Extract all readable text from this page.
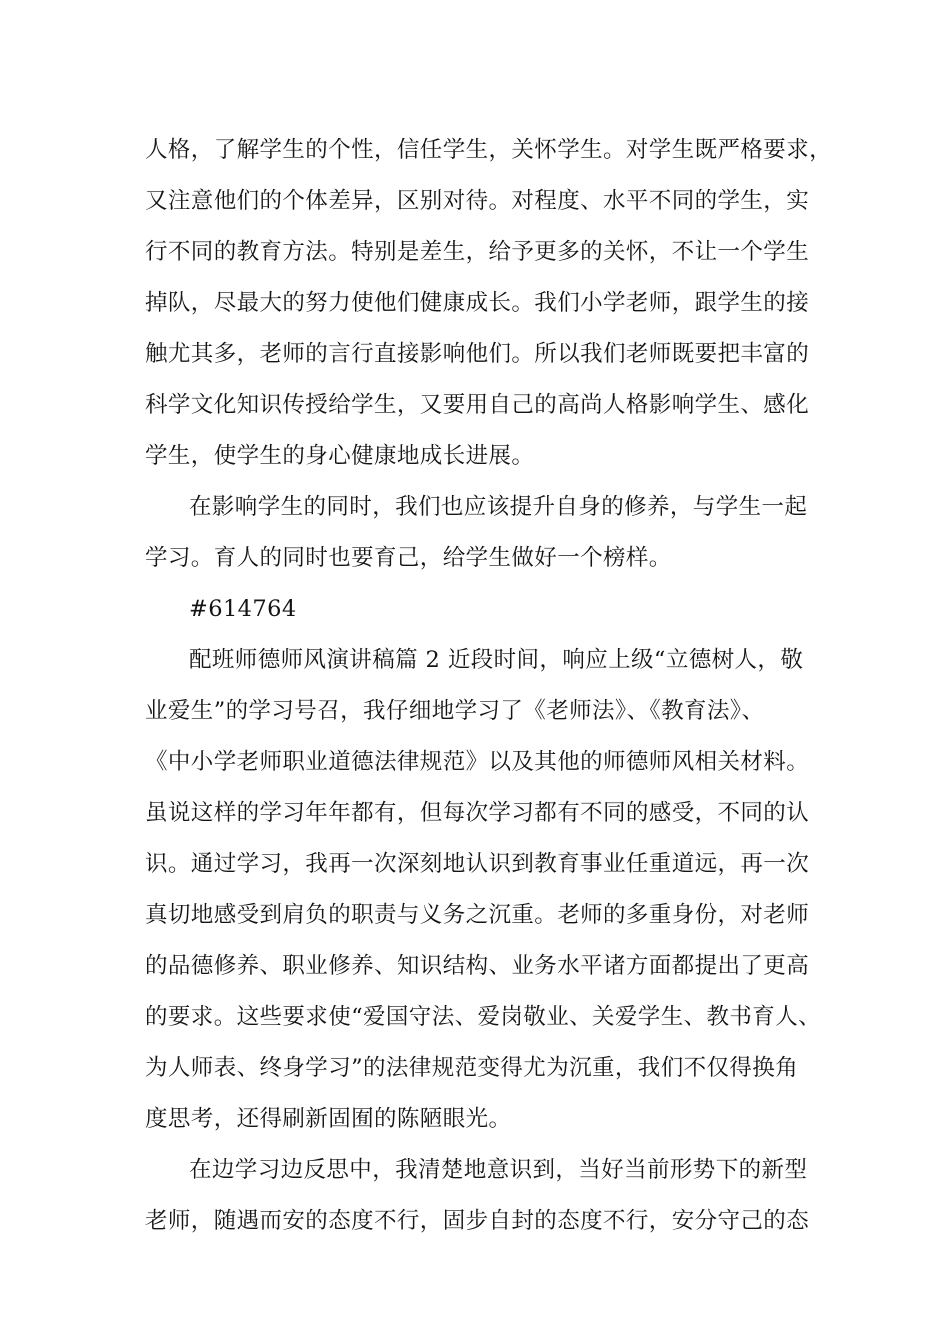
人格，了解学生的个性，信任学生，关怀学生。对学生既严格要求，
又注意他们的个体差异，区别对待。对程度、水平不同的学生，实
行不同的教育方法。特别是差生，给予更多的关怀，不让一个学生
掉队，尽最大的努力使他们健康成长。我们小学老师，跟学生的接
触尤其多，老师的言行直接影响他们。所以我们老师既要把丰富的
科学文化知识传授给学生，又要用自己的高尚人格影响学生、感化
学生，使学生的身心健康地成长进展。
在影响学生的同时，我们也应该提升自身的修养，与学生一起
学习。育人的同时也要育己，给学生做好一个榜样。
#614764
配班师德师风演讲稿篇 2 近段时间，响应上级“立德树人，敬
业爱生”的学习号召，我仔细地学习了《老师法》、《教育法》、
《中小学老师职业道德法律规范》以及其他的师德师风相关材料。
虽说这样的学习年年都有，但每次学习都有不同的感受，不同的认
识。通过学习，我再一次深刻地认识到教育事业任重道远，再一次
真切地感受到肩负的职责与义务之沉重。老师的多重身份，对老师
的品德修养、职业修养、知识结构、业务水平诸方面都提出了更高
的要求。这些要求使“爱国守法、爱岗敬业、关爱学生、教书育人、
为人师表、终身学习”的法律规范变得尤为沉重，我们不仅得换角
度思考，还得刷新固囿的陈陋眼光。
在边学习边反思中，我清楚地意识到，当好当前形势下的新型
老师，随遇而安的态度不行，固步自封的态度不行，安分守己的态
